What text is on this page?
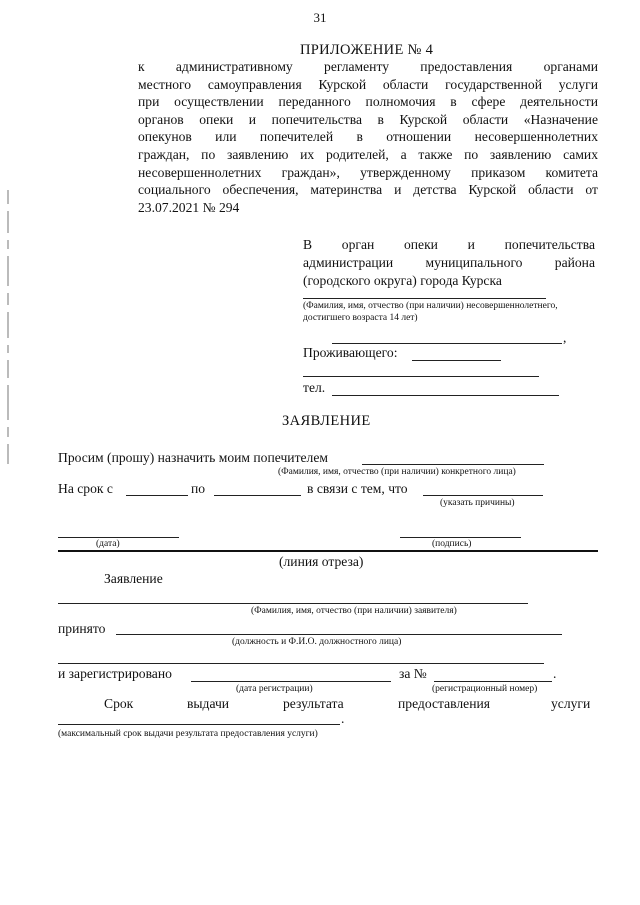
31
ПРИЛОЖЕНИЕ № 4
к административному регламенту предоставления органами
местного самоуправления Курской области государственной услуги
при осуществлении переданного полномочия в сфере деятельности
органов опеки и попечительства в Курской области «Назначение
опекунов или попечителей в отношении несовершеннолетних
граждан, по заявлению их родителей, а также по заявлению самих
несовершеннолетних граждан», утвержденному приказом комитета
социального обеспечения, материнства и детства Курской области от
23.07.2021 № 294
В орган опеки и попечительства
администрации муниципального района
(городского округа) города Курска
(Фамилия, имя, отчество (при наличии) несовершеннолетнего,
достигшего возраста 14 лет)
,
Проживающего:
тел.
ЗАЯВЛЕНИЕ
Просим (прошу) назначить моим попечителем
(Фамилия, имя, отчество (при наличии) конкретного лица)
На срок с	по	в связи с тем, что
(указать причины)
(дата)	(подпись)
(линия отреза)
Заявление
(Фамилия, имя, отчество (при наличии) заявителя)
принято
(должность и Ф.И.О. должностного лица)
и зарегистрировано	за №	.
(дата регистрации)	(регистрационный номер)
Срок	выдачи	результата	предоставления	услуги
.
(максимальный срок выдачи результата предоставления услуги)
